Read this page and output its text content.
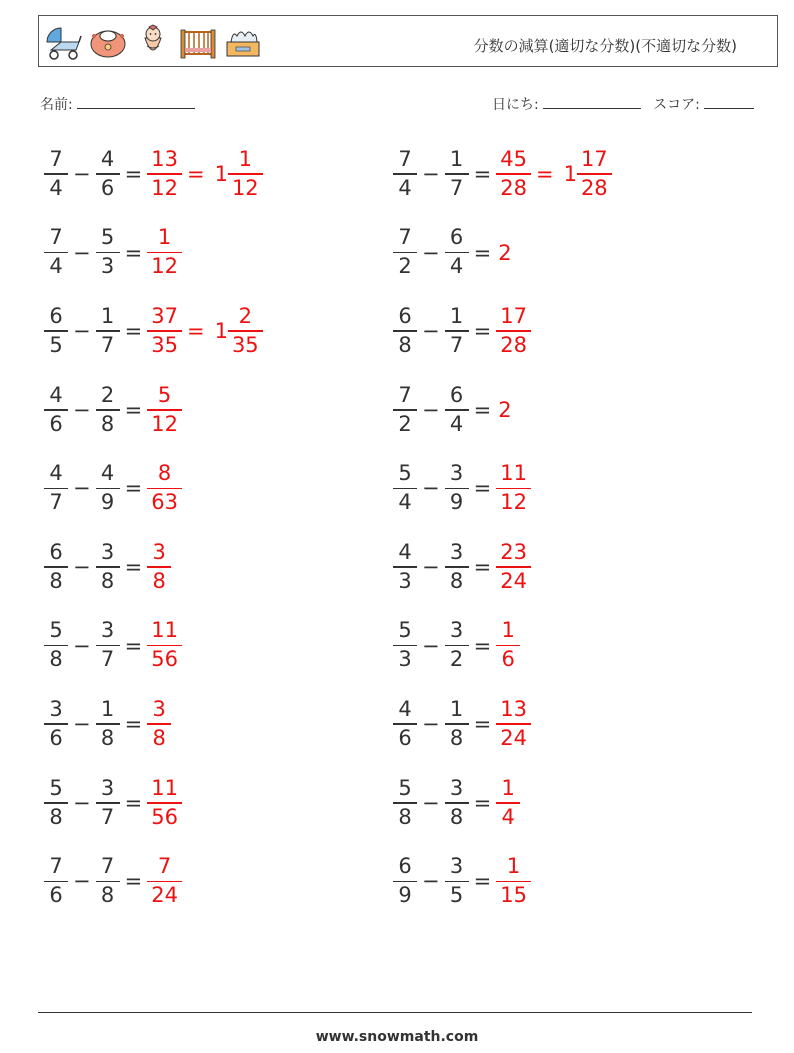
分数の減算(適切な分数)(不適切な分数)
名前:	日にち:	スコア:
$\frac{7}{4} - \frac{4}{6} = \frac{13}{12} = 1 \frac{1}{12}$	$\frac{7}{4} - \frac{1}{7} = \frac{45}{28} = 1 \frac{17}{28}$
$\frac{7}{4} - \frac{5}{3} = \frac{1}{12}$	$\frac{7}{2} - \frac{6}{4} = 2$
$\frac{6}{5} - \frac{1}{7} = \frac{37}{35} = 1 \frac{2}{35}$	$\frac{6}{8} - \frac{1}{7} = \frac{17}{28}$
$\frac{4}{6} - \frac{2}{8} = \frac{5}{12}$	$\frac{7}{2} - \frac{6}{4} = 2$
$\frac{4}{7} - \frac{4}{9} = \frac{8}{63}$	$\frac{5}{4} - \frac{3}{9} = \frac{11}{12}$
$\frac{6}{8} - \frac{3}{8} = \frac{3}{8}$	$\frac{4}{3} - \frac{3}{8} = \frac{23}{24}$
$\frac{5}{8} - \frac{3}{7} = \frac{11}{56}$	$\frac{5}{3} - \frac{3}{2} = \frac{1}{6}$
$\frac{3}{6} - \frac{1}{8} = \frac{3}{8}$	$\frac{4}{6} - \frac{1}{8} = \frac{13}{24}$
$\frac{5}{8} - \frac{3}{7} = \frac{11}{56}$	$\frac{5}{8} - \frac{3}{8} = \frac{1}{4}$
$\frac{7}{6} - \frac{7}{8} = \frac{7}{24}$	$\frac{6}{9} - \frac{3}{5} = \frac{1}{15}$
www.snowmath.com
